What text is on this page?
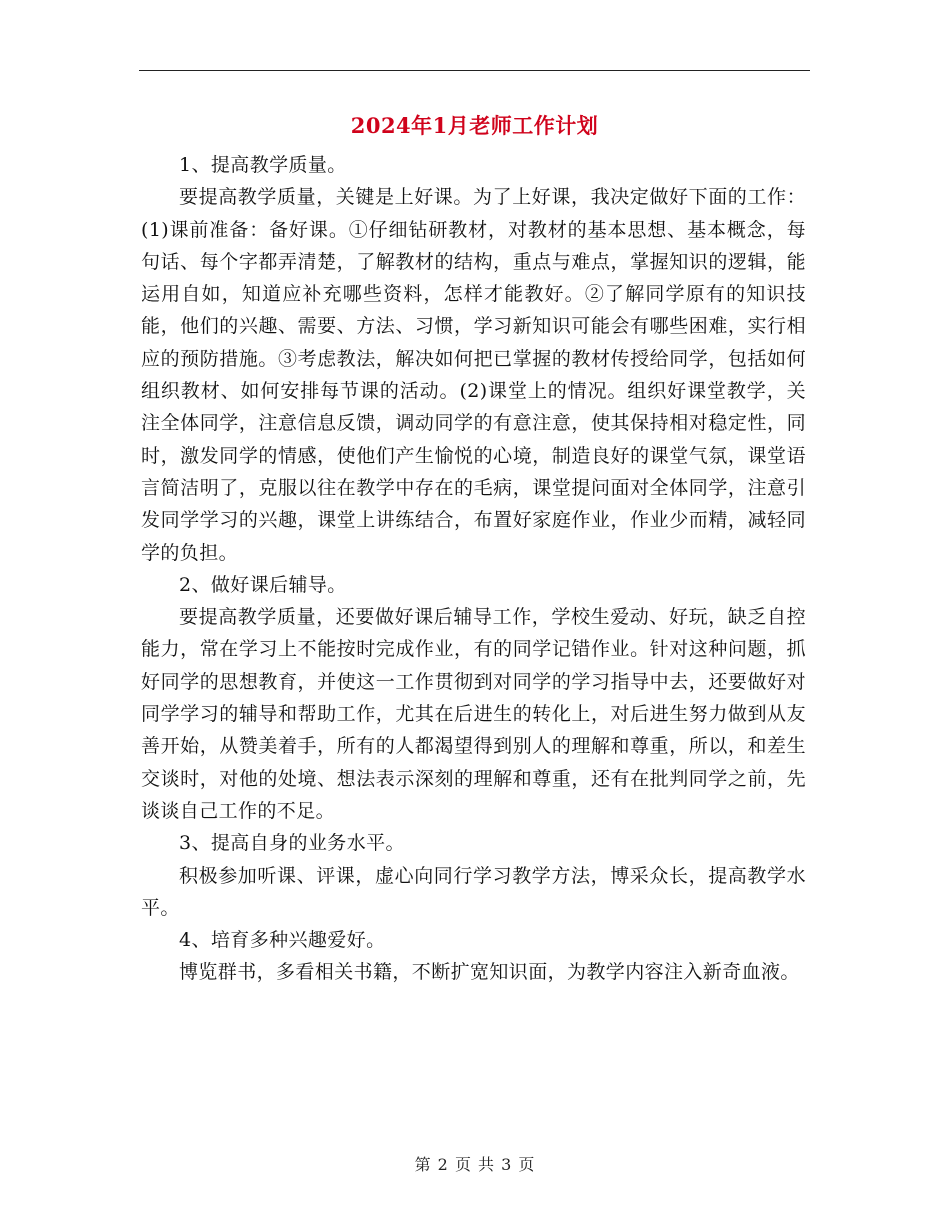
2024年1月老师工作计划

1、提高教学质量。

要提高教学质量，关键是上好课。为了上好课，我决定做好下面的工作：(1)课前准备：备好课。①仔细钻研教材，对教材的基本思想、基本概念，每句话、每个字都弄清楚，了解教材的结构，重点与难点，掌握知识的逻辑，能运用自如，知道应补充哪些资料，怎样才能教好。②了解同学原有的知识技能，他们的兴趣、需要、方法、习惯，学习新知识可能会有哪些困难，实行相应的预防措施。③考虑教法，解决如何把已掌握的教材传授给同学，包括如何组织教材、如何安排每节课的活动。(2)课堂上的情况。组织好课堂教学，关注全体同学，注意信息反馈，调动同学的有意注意，使其保持相对稳定性，同时，激发同学的情感，使他们产生愉悦的心境，制造良好的课堂气氛，课堂语言简洁明了，克服以往在教学中存在的毛病，课堂提问面对全体同学，注意引发同学学习的兴趣，课堂上讲练结合，布置好家庭作业，作业少而精，减轻同学的负担。

2、做好课后辅导。

要提高教学质量，还要做好课后辅导工作，学校生爱动、好玩，缺乏自控能力，常在学习上不能按时完成作业，有的同学记错作业。针对这种问题，抓好同学的思想教育，并使这一工作贯彻到对同学的学习指导中去，还要做好对同学学习的辅导和帮助工作，尤其在后进生的转化上，对后进生努力做到从友善开始，从赞美着手，所有的人都渴望得到别人的理解和尊重，所以，和差生交谈时，对他的处境、想法表示深刻的理解和尊重，还有在批判同学之前，先谈谈自己工作的不足。

3、提高自身的业务水平。

积极参加听课、评课，虚心向同行学习教学方法，博采众长，提高教学水平。

4、培育多种兴趣爱好。

博览群书，多看相关书籍，不断扩宽知识面，为教学内容注入新奇血液。

第 2 页 共 3 页
